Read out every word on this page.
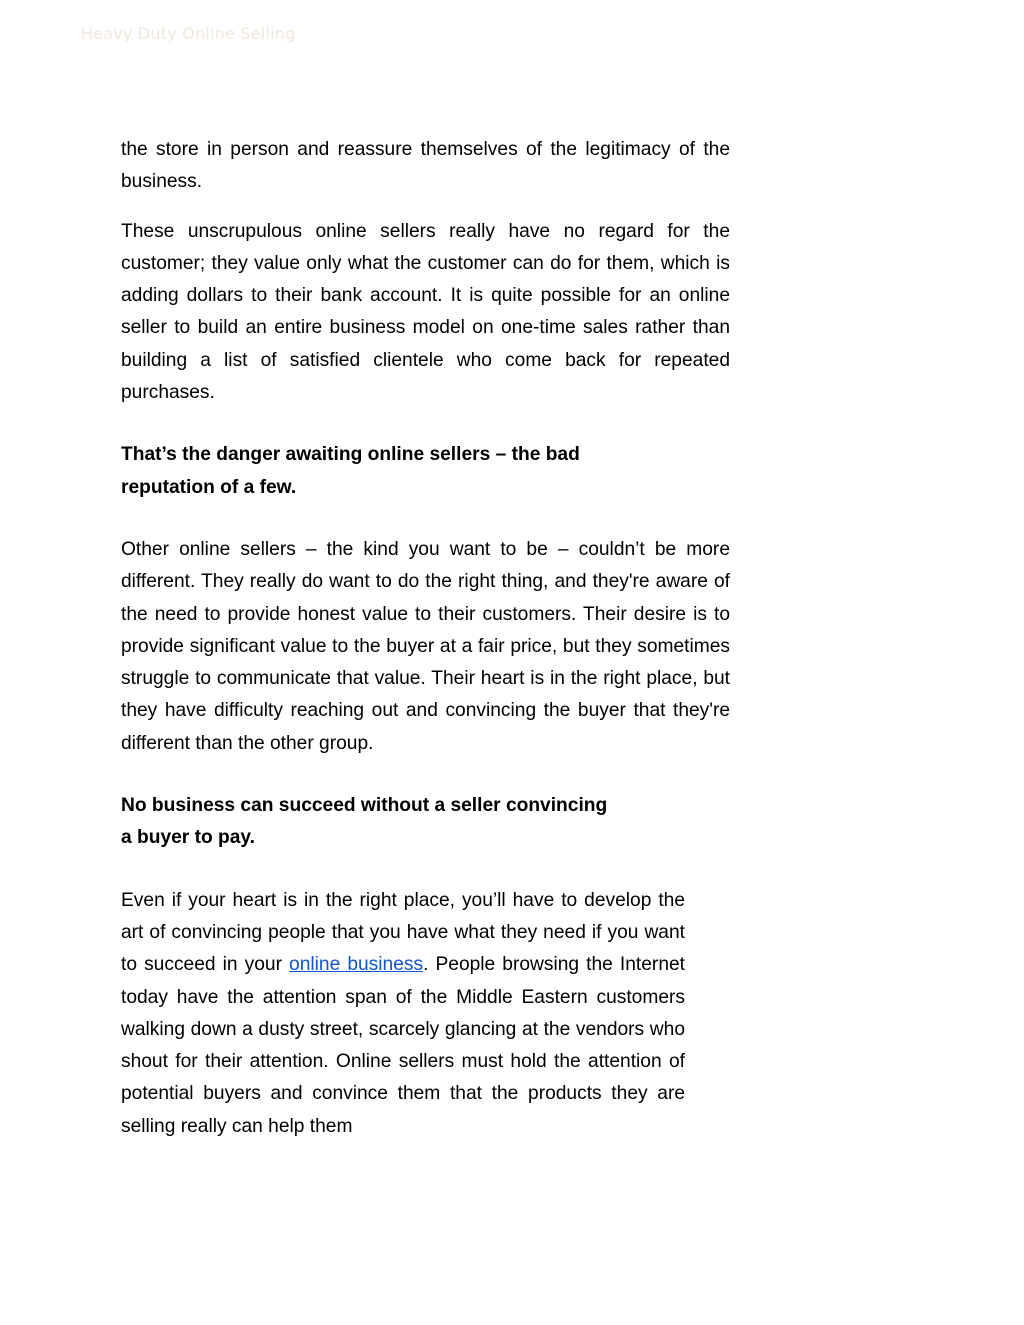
Heavy Duty Online Selling

the store in person and reassure themselves of the legitimacy of the business.

These unscrupulous online sellers really have no regard for the customer; they value only what the customer can do for them, which is adding dollars to their bank account. It is quite possible for an online seller to build an entire business model on one-time sales rather than building a list of satisfied clientele who come back for repeated purchases.

That’s the danger awaiting online sellers – the bad
reputation of a few.

Other online sellers – the kind you want to be – couldn’t be more different. They really do want to do the right thing, and they're aware of the need to provide honest value to their customers. Their desire is to provide significant value to the buyer at a fair price, but they sometimes struggle to communicate that value. Their heart is in the right place, but they have difficulty reaching out and convincing the buyer that they're different than the other group.

No business can succeed without a seller convincing
a buyer to pay.

Even if your heart is in the right place, you’ll have to develop the art of convincing people that you have what they need if you want to succeed in your online business. People browsing the Internet today have the attention span of the Middle Eastern customers walking down a dusty street, scarcely glancing at the vendors who shout for their attention. Online sellers must hold the attention of potential buyers and convince them that the products they are selling really can help them
